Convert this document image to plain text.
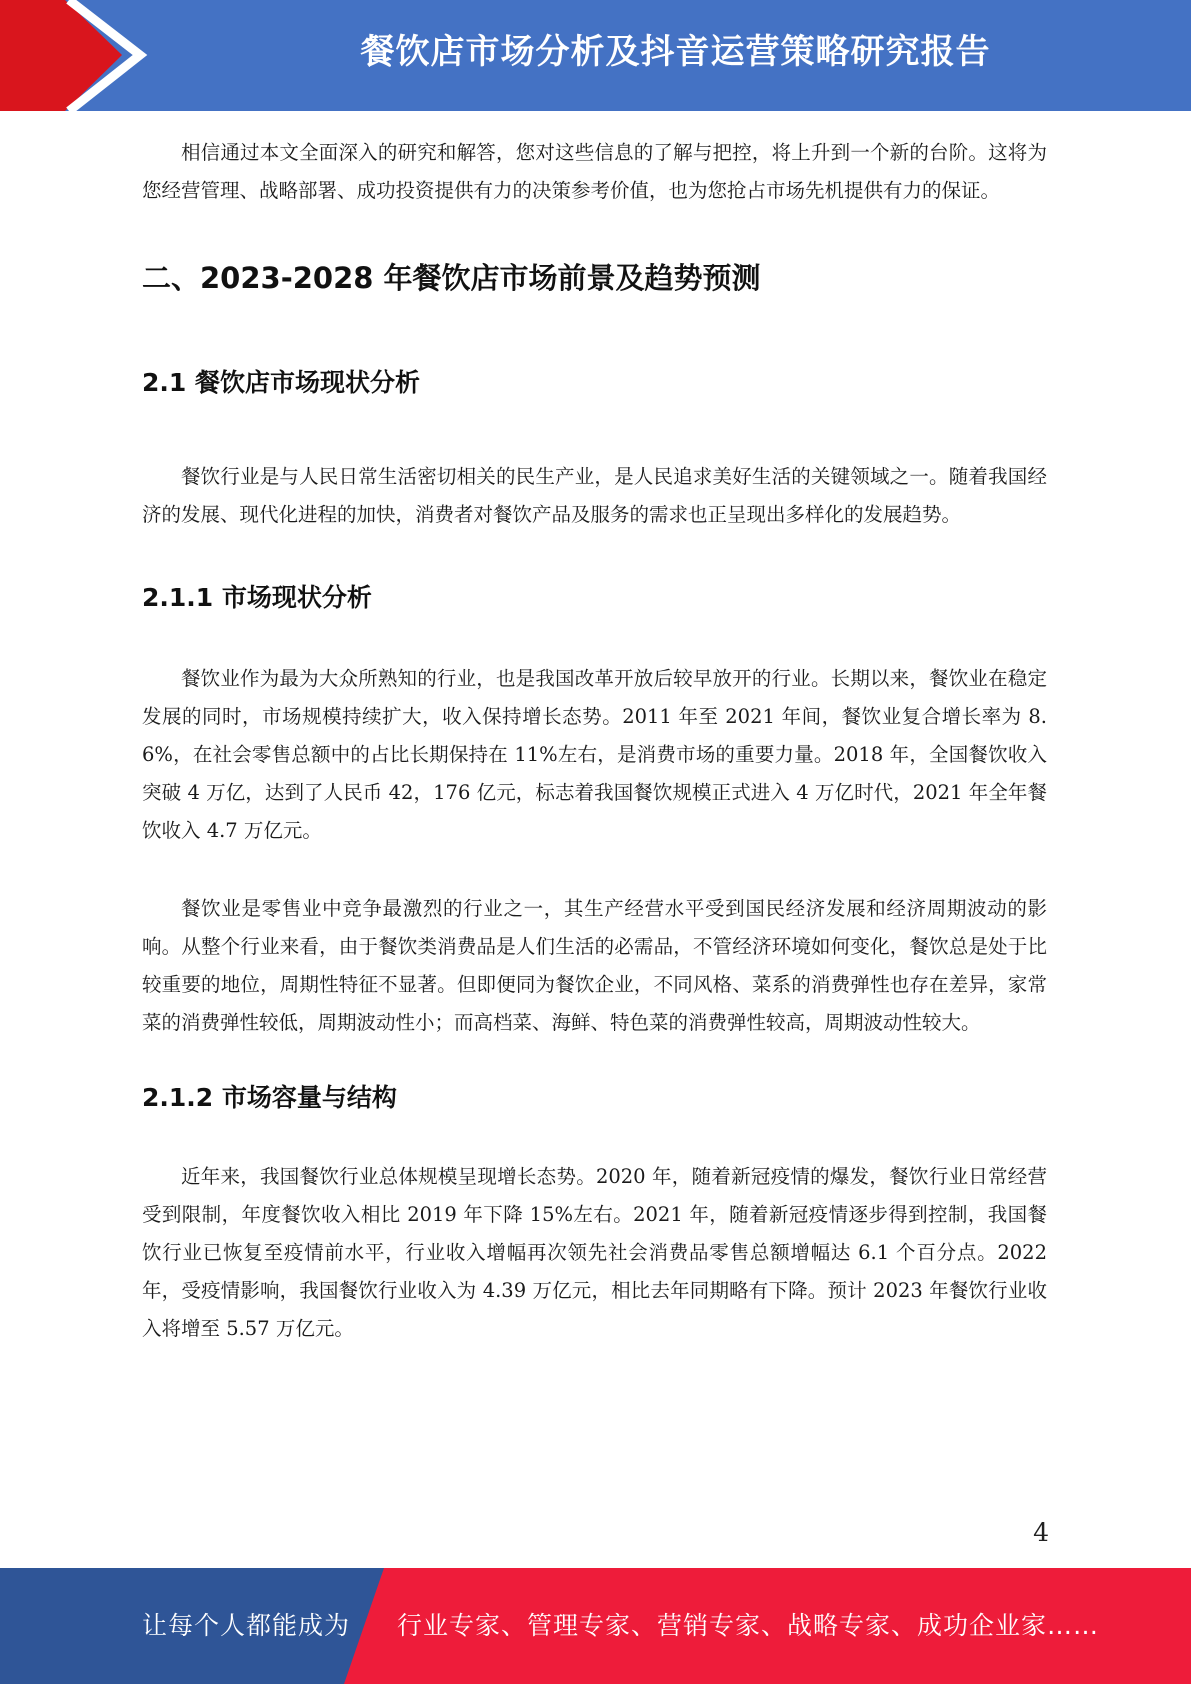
餐饮店市场分析及抖音运营策略研究报告

相信通过本文全面深入的研究和解答，您对这些信息的了解与把控，将上升到一个新的台阶。这将为您经营管理、战略部署、成功投资提供有力的决策参考价值，也为您抢占市场先机提供有力的保证。

二、2023-2028 年餐饮店市场前景及趋势预测
2.1 餐饮店市场现状分析

餐饮行业是与人民日常生活密切相关的民生产业，是人民追求美好生活的关键领域之一。随着我国经济的发展、现代化进程的加快，消费者对餐饮产品及服务的需求也正呈现出多样化的发展趋势。

2.1.1 市场现状分析

餐饮业作为最为大众所熟知的行业，也是我国改革开放后较早放开的行业。长期以来，餐饮业在稳定发展的同时，市场规模持续扩大，收入保持增长态势。2011 年至 2021 年间，餐饮业复合增长率为 8.6%，在社会零售总额中的占比长期保持在 11%左右，是消费市场的重要力量。2018 年，全国餐饮收入突破 4 万亿，达到了人民币 42，176 亿元，标志着我国餐饮规模正式进入 4 万亿时代，2021 年全年餐饮收入 4.7 万亿元。

餐饮业是零售业中竞争最激烈的行业之一，其生产经营水平受到国民经济发展和经济周期波动的影响。从整个行业来看，由于餐饮类消费品是人们生活的必需品，不管经济环境如何变化，餐饮总是处于比较重要的地位，周期性特征不显著。但即便同为餐饮企业，不同风格、菜系的消费弹性也存在差异，家常菜的消费弹性较低，周期波动性小；而高档菜、海鲜、特色菜的消费弹性较高，周期波动性较大。

2.1.2 市场容量与结构

近年来，我国餐饮行业总体规模呈现增长态势。2020 年，随着新冠疫情的爆发，餐饮行业日常经营受到限制，年度餐饮收入相比 2019 年下降 15%左右。2021 年，随着新冠疫情逐步得到控制，我国餐饮行业已恢复至疫情前水平，行业收入增幅再次领先社会消费品零售总额增幅达 6.1 个百分点。2022 年，受疫情影响，我国餐饮行业收入为 4.39 万亿元，相比去年同期略有下降。预计 2023 年餐饮行业收入将增至 5.57 万亿元。

4
让每个人都能成为 行业专家、管理专家、营销专家、战略专家、成功企业家……
